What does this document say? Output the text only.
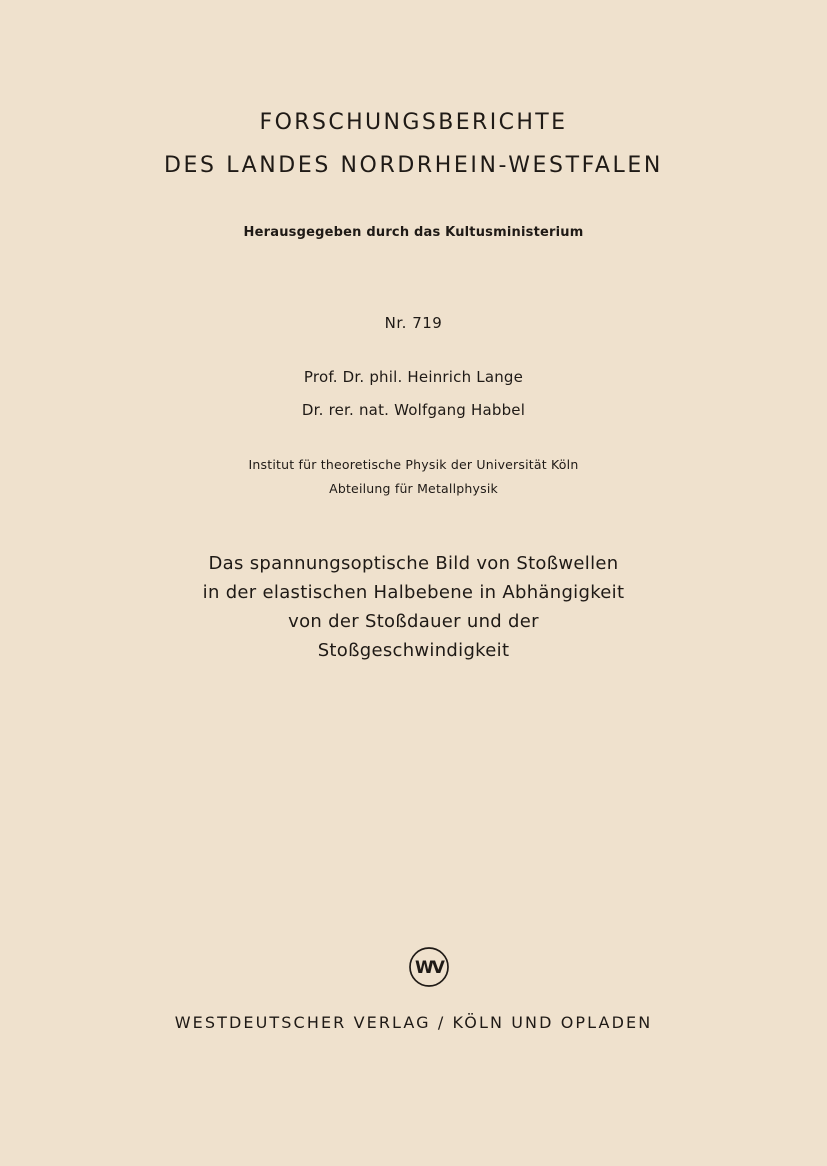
FORSCHUNGSBERICHTE
DES LANDES NORDRHEIN-WESTFALEN
Herausgegeben durch das Kultusministerium
Nr. 719
Prof. Dr. phil. Heinrich Lange
Dr. rer. nat. Wolfgang Habbel
Institut für theoretische Physik der Universität Köln
Abteilung für Metallphysik
Das spannungsoptische Bild von Stoßwellen
in der elastischen Halbebene in Abhängigkeit
von der Stoßdauer und der
Stoßgeschwindigkeit
WV
WESTDEUTSCHER VERLAG / KÖLN UND OPLADEN
